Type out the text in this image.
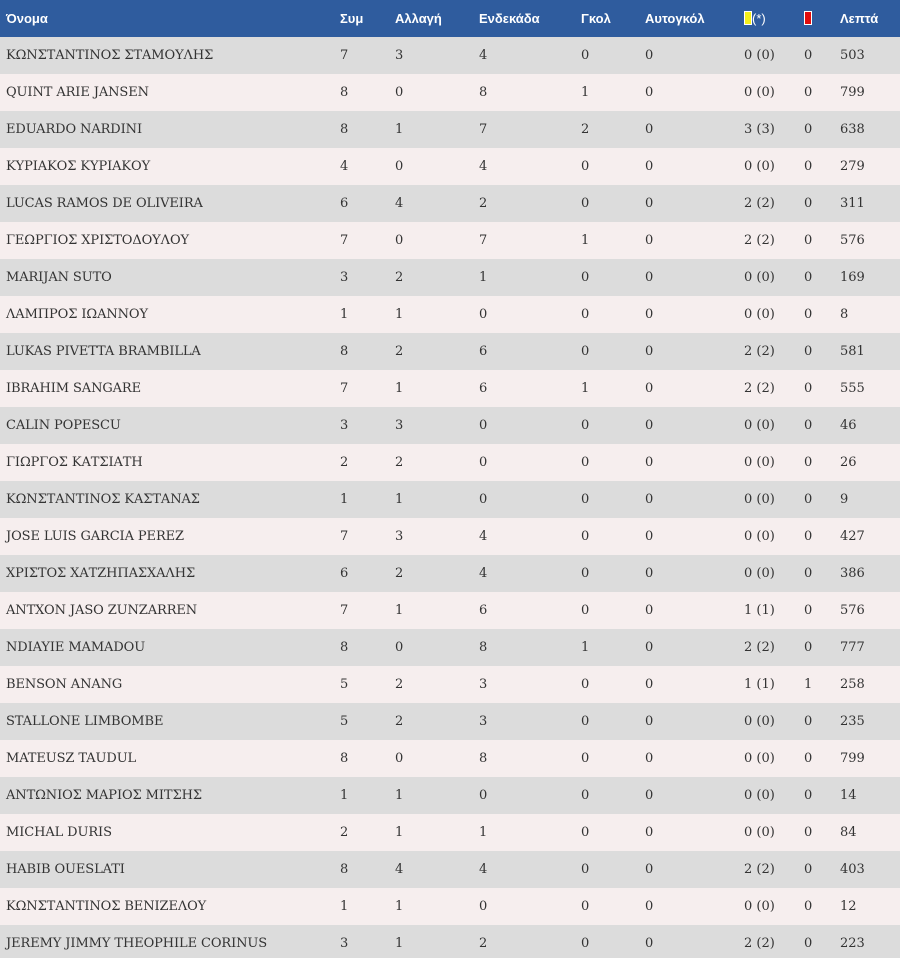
Όνομα	Συμ	Αλλαγή	Ενδεκάδα	Γκολ	Αυτογκόλ	(*)		Λεπτά
ΚΩΝΣΤΑΝΤΙΝΟΣ ΣΤΑΜΟΥΛΗΣ	7	3	4	0	0	0 (0)	0	503
QUINT ARIE JANSEN	8	0	8	1	0	0 (0)	0	799
EDUARDO NARDINI	8	1	7	2	0	3 (3)	0	638
ΚΥΡΙΑΚΟΣ ΚΥΡΙΑΚΟΥ	4	0	4	0	0	0 (0)	0	279
LUCAS RAMOS DE OLIVEIRA	6	4	2	0	0	2 (2)	0	311
ΓΕΩΡΓΙΟΣ ΧΡΙΣΤΟΔΟΥΛΟΥ	7	0	7	1	0	2 (2)	0	576
MARIJAN SUTO	3	2	1	0	0	0 (0)	0	169
ΛΑΜΠΡΟΣ ΙΩΑΝΝΟΥ	1	1	0	0	0	0 (0)	0	8
LUKAS PIVETTA BRAMBILLA	8	2	6	0	0	2 (2)	0	581
IBRAHIM SANGARE	7	1	6	1	0	2 (2)	0	555
CALIN POPESCU	3	3	0	0	0	0 (0)	0	46
ΓΙΩΡΓΟΣ ΚΑΤΣΙΑΤΗ	2	2	0	0	0	0 (0)	0	26
ΚΩΝΣΤΑΝΤΙΝΟΣ ΚΑΣΤΑΝΑΣ	1	1	0	0	0	0 (0)	0	9
JOSE LUIS GARCIA PEREZ	7	3	4	0	0	0 (0)	0	427
ΧΡΙΣΤΟΣ ΧΑΤΖΗΠΑΣΧΑΛΗΣ	6	2	4	0	0	0 (0)	0	386
ANTXON JASO ZUNZARREN	7	1	6	0	0	1 (1)	0	576
NDIAYIE MAMADOU	8	0	8	1	0	2 (2)	0	777
BENSON ANANG	5	2	3	0	0	1 (1)	1	258
STALLONE LIMBOMBE	5	2	3	0	0	0 (0)	0	235
MATEUSZ TAUDUL	8	0	8	0	0	0 (0)	0	799
ΑΝΤΩΝΙΟΣ ΜΑΡΙΟΣ ΜΙΤΣΗΣ	1	1	0	0	0	0 (0)	0	14
MICHAL DURIS	2	1	1	0	0	0 (0)	0	84
HABIB OUESLATI	8	4	4	0	0	2 (2)	0	403
ΚΩΝΣΤΑΝΤΙΝΟΣ ΒΕΝΙΖΕΛΟΥ	1	1	0	0	0	0 (0)	0	12
JEREMY JIMMY THEOPHILE CORINUS	3	1	2	0	0	2 (2)	0	223
